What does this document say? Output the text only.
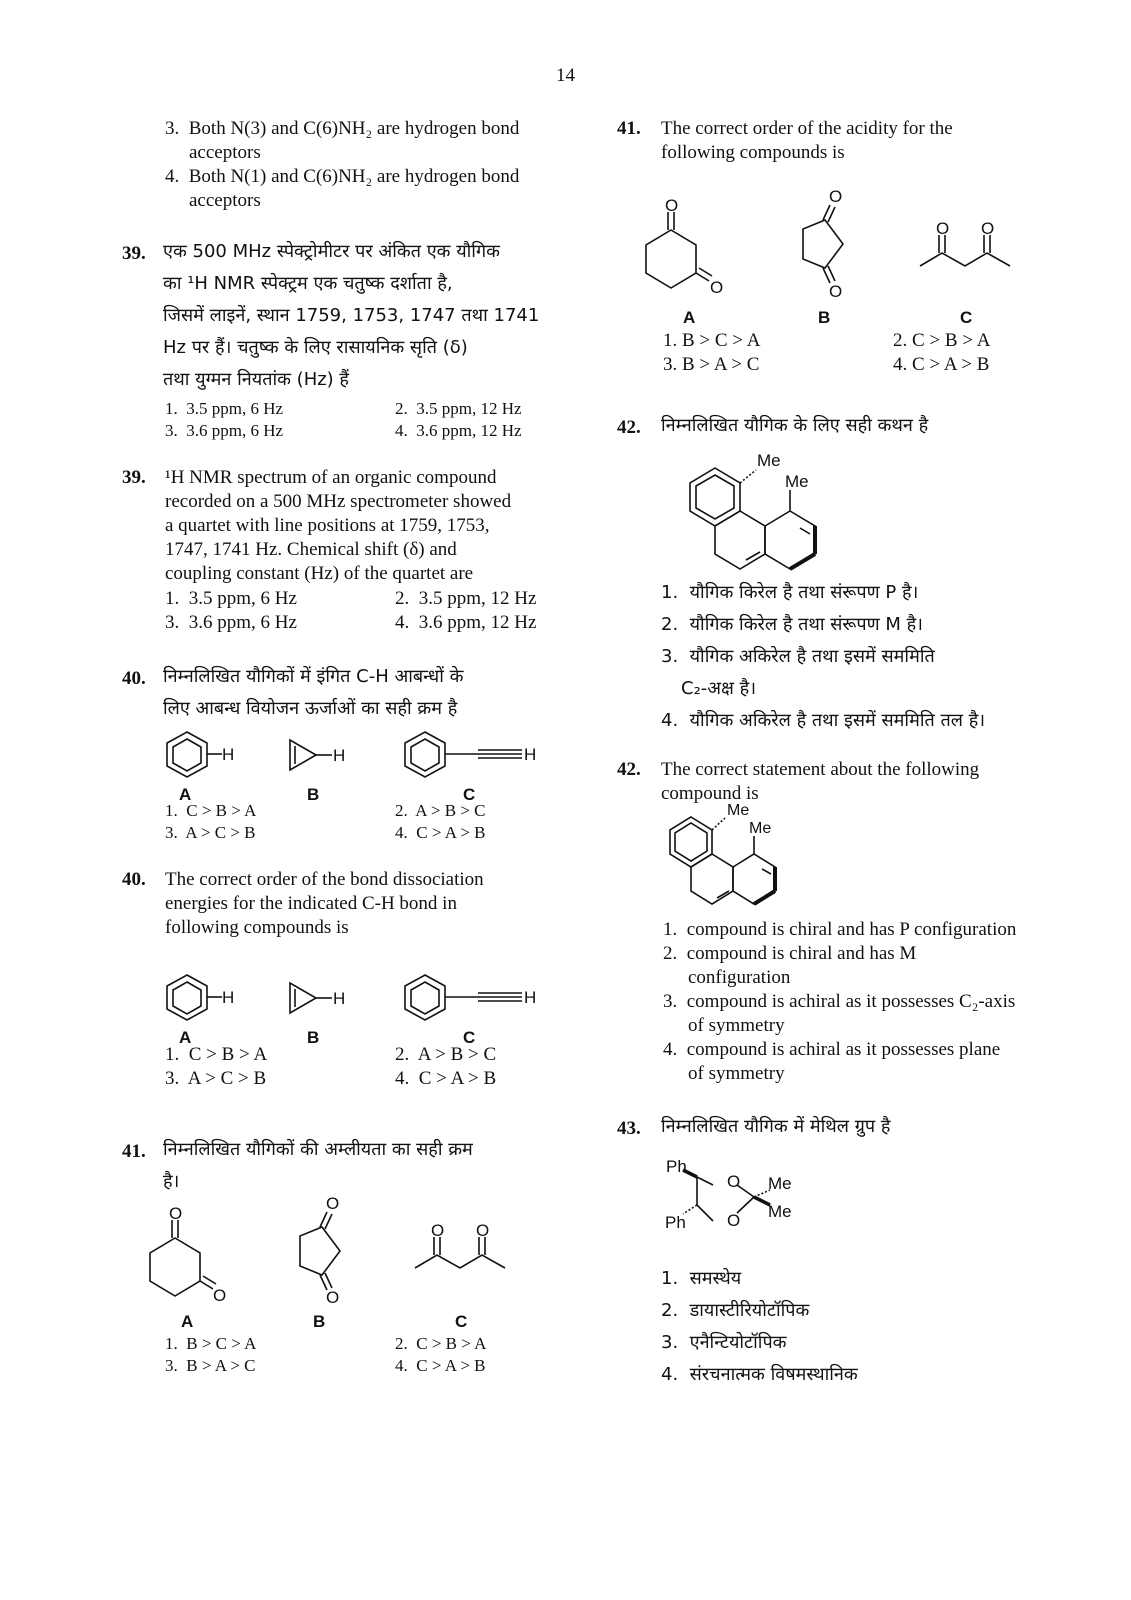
14
3.  Both N(3) and C(6)NH₂ are hydrogen bond
acceptors
4.  Both N(1) and C(6)NH₂ are hydrogen bond
acceptors
39. एक 500 MHz स्पेक्ट्रोमीटर पर अंकित एक यौगिक
का ¹H NMR स्पेक्ट्रम एक चतुष्क दर्शाता है,
जिसमें लाइनें, स्थान 1759, 1753, 1747 तथा 1741
Hz पर हैं। चतुष्क के लिए रासायनिक सृति (δ)
तथा युग्मन नियतांक (Hz) हैं
1.  3.5 ppm, 6 Hz	2.  3.5 ppm, 12 Hz
3.  3.6 ppm, 6 Hz	4.  3.6 ppm, 12 Hz
39. ¹H NMR spectrum of an organic compound
recorded on a 500 MHz spectrometer showed
a quartet with line positions at 1759, 1753,
1747, 1741 Hz. Chemical shift (δ) and
coupling constant (Hz) of the quartet are
1.  3.5 ppm, 6 Hz	2.  3.5 ppm, 12 Hz
3.  3.6 ppm, 6 Hz	4.  3.6 ppm, 12 Hz
40. निम्नलिखित यौगिकों में इंगित C-H आबन्धों के
लिए आबन्ध वियोजन ऊर्जाओं का सही क्रम है
H	H	H
A	B	C
1.  C > B > A	2.  A > B > C
3.  A > C > B	4.  C > A > B
40. The correct order of the bond dissociation
energies for the indicated C-H bond in
following compounds is
H	H	H
A	B	C
1.  C > B > A	2.  A > B > C
3.  A > C > B	4.  C > A > B
41. निम्नलिखित यौगिकों की अम्लीयता का सही क्रम
है।
O
O
O
O
O O
A	B	C
1.  B > C > A	2.  C > B > A
3.  B > A > C	4.  C > A > B
41. The correct order of the acidity for the
following compounds is
O
O
O
O
O O
A	B	C
1. B > C > A	2. C > B > A
3. B > A > C	4. C > A > B
42. निम्नलिखित यौगिक के लिए सही कथन है
Me
Me
1.  यौगिक किरेल है तथा संरूपण P है।
2.  यौगिक किरेल है तथा संरूपण M है।
3.  यौगिक अकिरेल है तथा इसमें सममिति
C₂-अक्ष है।
4.  यौगिक अकिरेल है तथा इसमें सममिति तल है।
42. The correct statement about the following
compound is
Me
Me
1.  compound is chiral and has P configuration
2.  compound is chiral and has M
configuration
3.  compound is achiral as it possesses C₂-axis
of symmetry
4.  compound is achiral as it possesses plane
of symmetry
43. निम्नलिखित यौगिक में मेथिल ग्रुप है
Ph
Ph
O
O
Me
Me
1.  समस्थेय
2.  डायास्टीरियोटॉपिक
3.  एनैन्टियोटॉपिक
4.  संरचनात्मक विषमस्थानिक
